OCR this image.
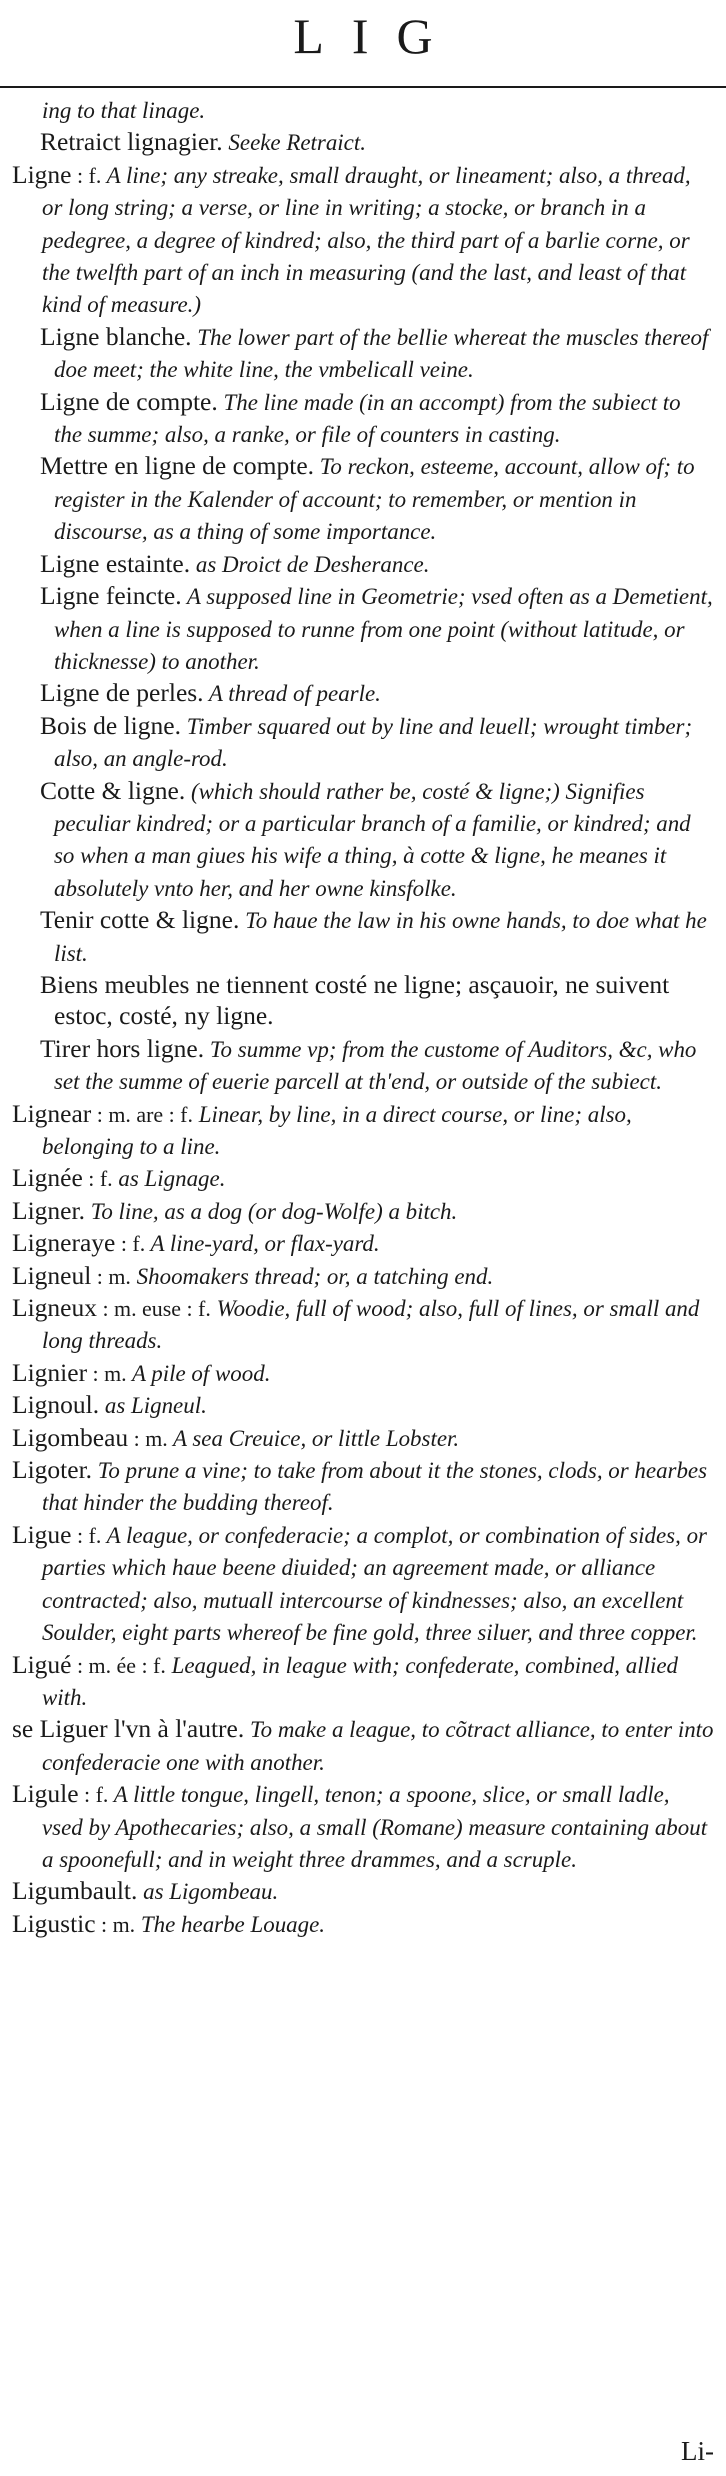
LIG

ing to that linage.

Retraict lignagier. Seeke Retraict.

Ligne : f. A line; any streake, small draught, or lineament; also, a thread, or long string; a verse, or line in writing; a stocke, or branch in a pedegree, a degree of kindred; also, the third part of a barlie corne, or the twelfth part of an inch in measuring (and the last, and least of that kind of measure.)

Ligne blanche. The lower part of the bellie whereat the muscles thereof doe meet; the white line, the vmbelicall veine.

Ligne de compte. The line made (in an accompt) from the subiect to the summe; also, a ranke, or file of counters in casting.

Mettre en ligne de compte. To reckon, esteeme, account, allow of; to register in the Kalender of account; to remember, or mention in discourse, as a thing of some importance.

Ligne estainte. as Droict de Desherance.

Ligne feincte. A supposed line in Geometrie; vsed often as a Demetient, when a line is supposed to runne from one point (without latitude, or thicknesse) to another.

Ligne de perles. A thread of pearle.

Bois de ligne. Timber squared out by line and leuell; wrought timber; also, an angle-rod.

Cotte & ligne. (which should rather be, costé & ligne;) Signifies peculiar kindred; or a particular branch of a familie, or kindred; and so when a man giues his wife a thing, à cotte & ligne, he meanes it absolutely vnto her, and her owne kinsfolke.

Tenir cotte & ligne. To haue the law in his owne hands, to doe what he list.

Biens meubles ne tiennent costé ne ligne; asçauoir, ne suivent estoc, costé, ny ligne.

Tirer hors ligne. To summe vp; from the custome of Auditors, &c, who set the summe of euerie parcell at th'end, or outside of the subiect.

Lignear : m. are : f. Linear, by line, in a direct course, or line; also, belonging to a line.

Lignée : f. as Lignage.

Ligner. To line, as a dog (or dog-Wolfe) a bitch.

Ligneraye : f. A line-yard, or flax-yard.

Ligneul : m. Shoomakers thread; or, a tatching end.

Ligneux : m. euse : f. Woodie, full of wood; also, full of lines, or small and long threads.

Lignier : m. A pile of wood.

Lignoul. as Ligneul.

Ligombeau : m. A sea Creuice, or little Lobster.

Ligoter. To prune a vine; to take from about it the stones, clods, or hearbes that hinder the budding thereof.

Ligue : f. A league, or confederacie; a complot, or combination of sides, or parties which haue beene diuided; an agreement made, or alliance contracted; also, mutuall intercourse of kindnesses; also, an excellent Soulder, eight parts whereof be fine gold, three siluer, and three copper.

Ligué : m. ée : f. Leagued, in league with; confederate, combined, allied with.

se Liguer l'vn à l'autre. To make a league, to cõtract alliance, to enter into confederacie one with another.

Ligule : f. A little tongue, lingell, tenon; a spoone, slice, or small ladle, vsed by Apothecaries; also, a small (Romane) measure containing about a spoonefull; and in weight three drammes, and a scruple.

Ligumbault. as Ligombeau.

Ligustic : m. The hearbe Louage.

Li-
